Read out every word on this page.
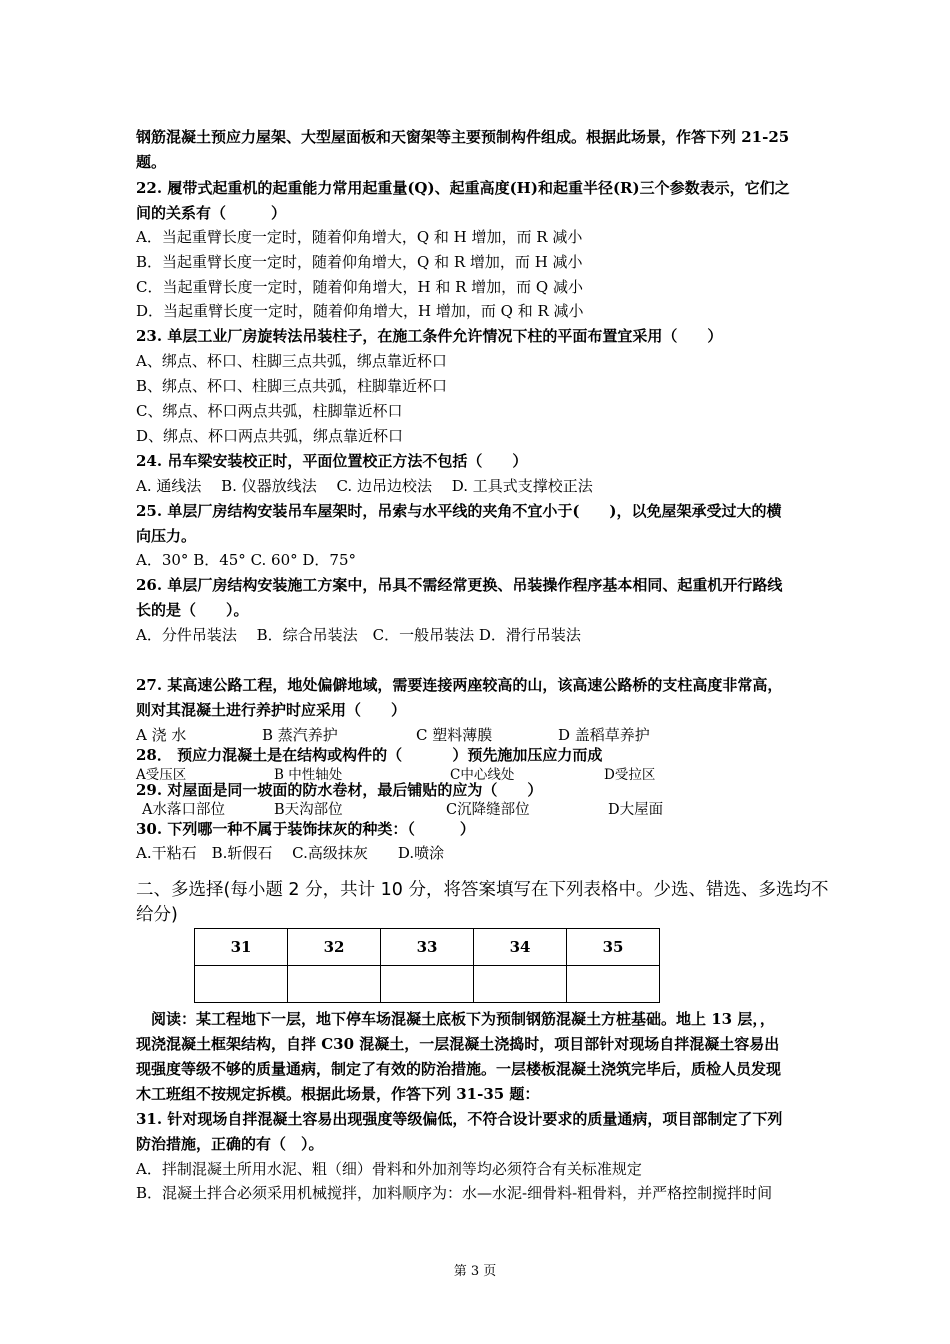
钢筋混凝土预应力屋架、大型屋面板和天窗架等主要预制构件组成。根据此场景，作答下列 21-25
题。
22. 履带式起重机的起重能力常用起重量(Q)、起重高度(H)和起重半径(R)三个参数表示，它们之
间的关系有（　　　）
A．当起重臂长度一定时，随着仰角增大，Q 和 H 增加，而 R 减小
B．当起重臂长度一定时，随着仰角增大，Q 和 R 增加，而 H 减小
C．当起重臂长度一定时，随着仰角增大，H 和 R 增加，而 Q 减小
D．当起重臂长度一定时，随着仰角增大，H 增加，而 Q 和 R 减小
23. 单层工业厂房旋转法吊装柱子，在施工条件允许情况下柱的平面布置宜采用（　　）
A、绑点、杯口、柱脚三点共弧，绑点靠近杯口
B、绑点、杯口、柱脚三点共弧，柱脚靠近杯口
C、绑点、杯口两点共弧，柱脚靠近杯口
D、绑点、杯口两点共弧，绑点靠近杯口
24. 吊车梁安装校正时，平面位置校正方法不包括（　　）
A. 通线法　 B. 仪器放线法　 C. 边吊边校法　 D. 工具式支撑校正法
25. 单层厂房结构安装吊车屋架时，吊索与水平线的夹角不宜小于(　　)，以免屋架承受过大的横
向压力。
A．30° B．45° C. 60° D．75°
26. 单层厂房结构安装施工方案中，吊具不需经常更换、吊装操作程序基本相同、起重机开行路线
长的是（　　）。
A．分件吊装法　 B．综合吊装法　C．一般吊装法 D．滑行吊装法
27. 某高速公路工程，地处偏僻地域，需要连接两座较高的山，该高速公路桥的支柱高度非常高，
则对其混凝土进行养护时应采用（　　）
A 浇 水	B 蒸汽养护	C 塑料薄膜	D 盖稻草养护
28． 预应力混凝土是在结构或构件的（　　　 ）预先施加压应力而成
A受压区	B 中性轴处	C中心线处	D受拉区
29. 对屋面是同一坡面的防水卷材，最后铺贴的应为（　　）
A水落口部位	B天沟部位	C沉降缝部位	D大屋面
30. 下列哪一种不属于装饰抹灰的种类：（　　　）
A.干粘石　B.斩假石　 C.高级抹灰　　D.喷涂
二、多选择(每小题 2 分，共计 10 分，将答案填写在下列表格中。少选、错选、多选均不
给分)
31	32	33	34	35

　阅读：某工程地下一层，地下停车场混凝土底板下为预制钢筋混凝土方桩基础。地上 13 层，，
现浇混凝土框架结构，自拌 C30 混凝土，一层混凝土浇捣时，项目部针对现场自拌混凝土容易出
现强度等级不够的质量通病，制定了有效的防治措施。一层楼板混凝土浇筑完毕后，质检人员发现
木工班组不按规定拆模。根据此场景，作答下列 31-35 题：
31. 针对现场自拌混凝土容易出现强度等级偏低，不符合设计要求的质量通病，项目部制定了下列
防治措施，正确的有（　）。
A．拌制混凝土所用水泥、粗（细）骨料和外加剂等均必须符合有关标准规定
B．混凝土拌合必须采用机械搅拌，加料顺序为：水—水泥-细骨料-粗骨料，并严格控制搅拌时间
第 3 页
